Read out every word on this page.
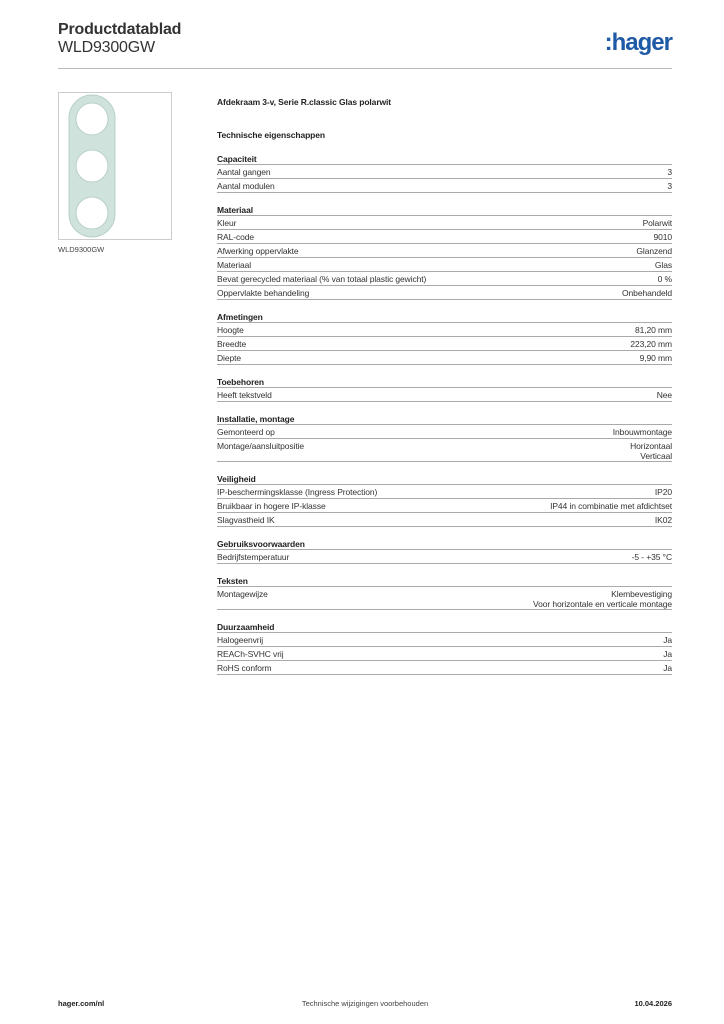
Productdatablad
WLD9300GW	:hager
WLD9300GW
Afdekraam 3-v, Serie R.classic Glas polarwit
Technische eigenschappen
Capaciteit
Aantal gangen	3
Aantal modulen	3
Materiaal
Kleur	Polarwit
RAL-code	9010
Afwerking oppervlakte	Glanzend
Materiaal	Glas
Bevat gerecycled materiaal (% van totaal plastic gewicht)	0 %
Oppervlakte behandeling	Onbehandeld
Afmetingen
Hoogte	81,20 mm
Breedte	223,20 mm
Diepte	9,90 mm
Toebehoren
Heeft tekstveld	Nee
Installatie, montage
Gemonteerd op	Inbouwmontage
Montage/aansluitpositie	Horizontaal
Verticaal
Veiligheid
IP-beschermingsklasse (Ingress Protection)	IP20
Bruikbaar in hogere IP-klasse	IP44 in combinatie met afdichtset
Slagvastheid IK	IK02
Gebruiksvoorwaarden
Bedrijfstemperatuur	-5 - +35 °C
Teksten
Montagewijze	Klembevestiging
Voor horizontale en verticale montage
Duurzaamheid
Halogeenvrij	Ja
REACh-SVHC vrij	Ja
RoHS conform	Ja
hager.com/nl	Technische wijzigingen voorbehouden	10.04.2026
